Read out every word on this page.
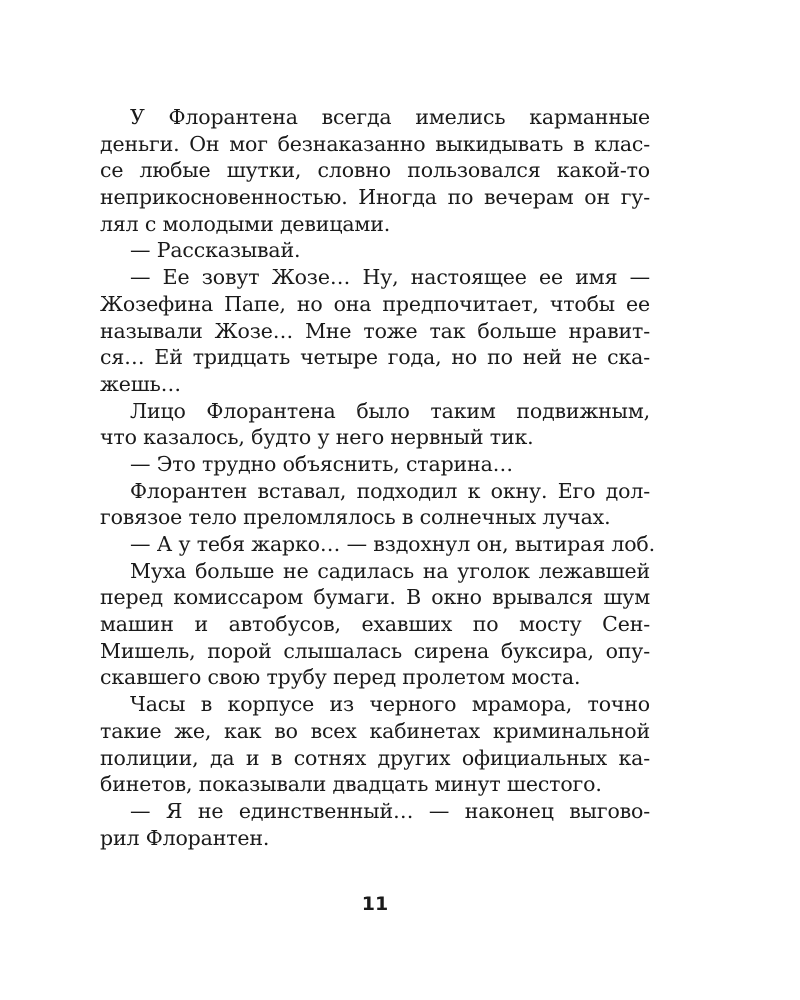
У Флорантена всегда имелись карманные
деньги. Он мог безнаказанно выкидывать в клас-
се любые шутки, словно пользовался какой-то
неприкосновенностью. Иногда по вечерам он гу-
лял с молодыми девицами.
— Рассказывай.
— Ее зовут Жозе… Ну, настоящее ее имя —
Жозефина Папе, но она предпочитает, чтобы ее
называли Жозе… Мне тоже так больше нравит-
ся… Ей тридцать четыре года, но по ней не ска-
жешь…
Лицо Флорантена было таким подвижным,
что казалось, будто у него нервный тик.
— Это трудно объяснить, старина…
Флорантен вставал, подходил к окну. Его дол-
говязое тело преломлялось в солнечных лучах.
— А у тебя жарко… — вздохнул он, вытирая лоб.
Муха больше не садилась на уголок лежавшей
перед комиссаром бумаги. В окно врывался шум
машин и автобусов, ехавших по мосту Сен-
Мишель, порой слышалась сирена буксира, опу-
скавшего свою трубу перед пролетом моста.
Часы в корпусе из черного мрамора, точно
такие же, как во всех кабинетах криминальной
полиции, да и в сотнях других официальных ка-
бинетов, показывали двадцать минут шестого.
— Я не единственный… — наконец выгово-
рил Флорантен.
11
